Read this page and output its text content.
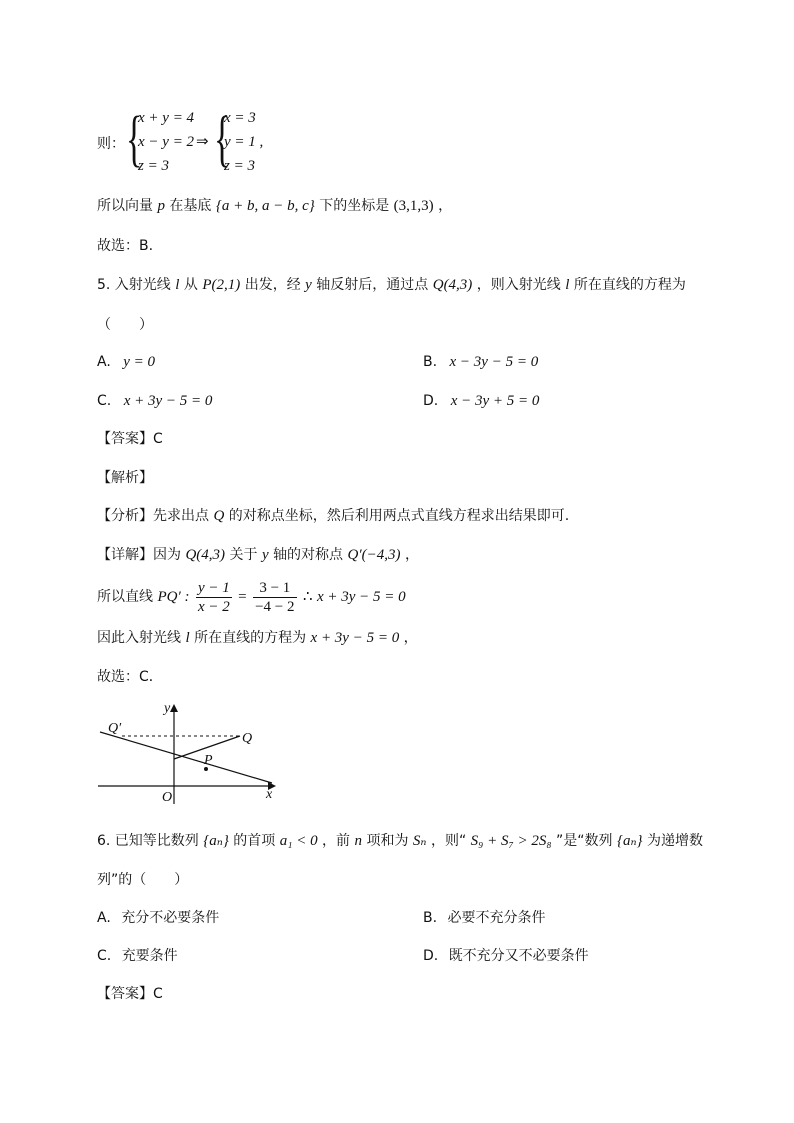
则： {
x + y = 4
x − y = 2
z = 3
⇒ {
x = 3
y = 1 ,
z = 3
所以向量 p 在基底 {a + b, a − b, c} 下的坐标是 (3,1,3) ，
故选：B.
5. 入射光线 l 从 P(2,1) 出发，经 y 轴反射后，通过点 Q(4,3) ，则入射光线 l 所在直线的方程为
（　　）
A. y = 0	B. x − 3y − 5 = 0
C. x + 3y − 5 = 0	D. x − 3y + 5 = 0
【答案】C
【解析】
【分析】先求出点 Q 的对称点坐标，然后利用两点式直线方程求出结果即可.
【详解】因为 Q(4,3) 关于 y 轴的对称点 Q′(−4,3) ，
所以直线 PQ′ : $\frac{y - 1}{x - 2} = \frac{3 - 1}{-4 - 2}$ ∴ x + 3y − 5 = 0
因此入射光线 l 所在直线的方程为 x + 3y − 5 = 0 ，
故选：C．
y
x
O
Q′
Q
P
6. 已知等比数列 {aₙ} 的首项 a₁ < 0 ，前 n 项和为 Sₙ ，则“ S₉ + S₇ > 2S₈ ”是“数列 {aₙ} 为递增数
列”的（　　）
A. 充分不必要条件	B. 必要不充分条件
C. 充要条件	D. 既不充分又不必要条件
【答案】C
